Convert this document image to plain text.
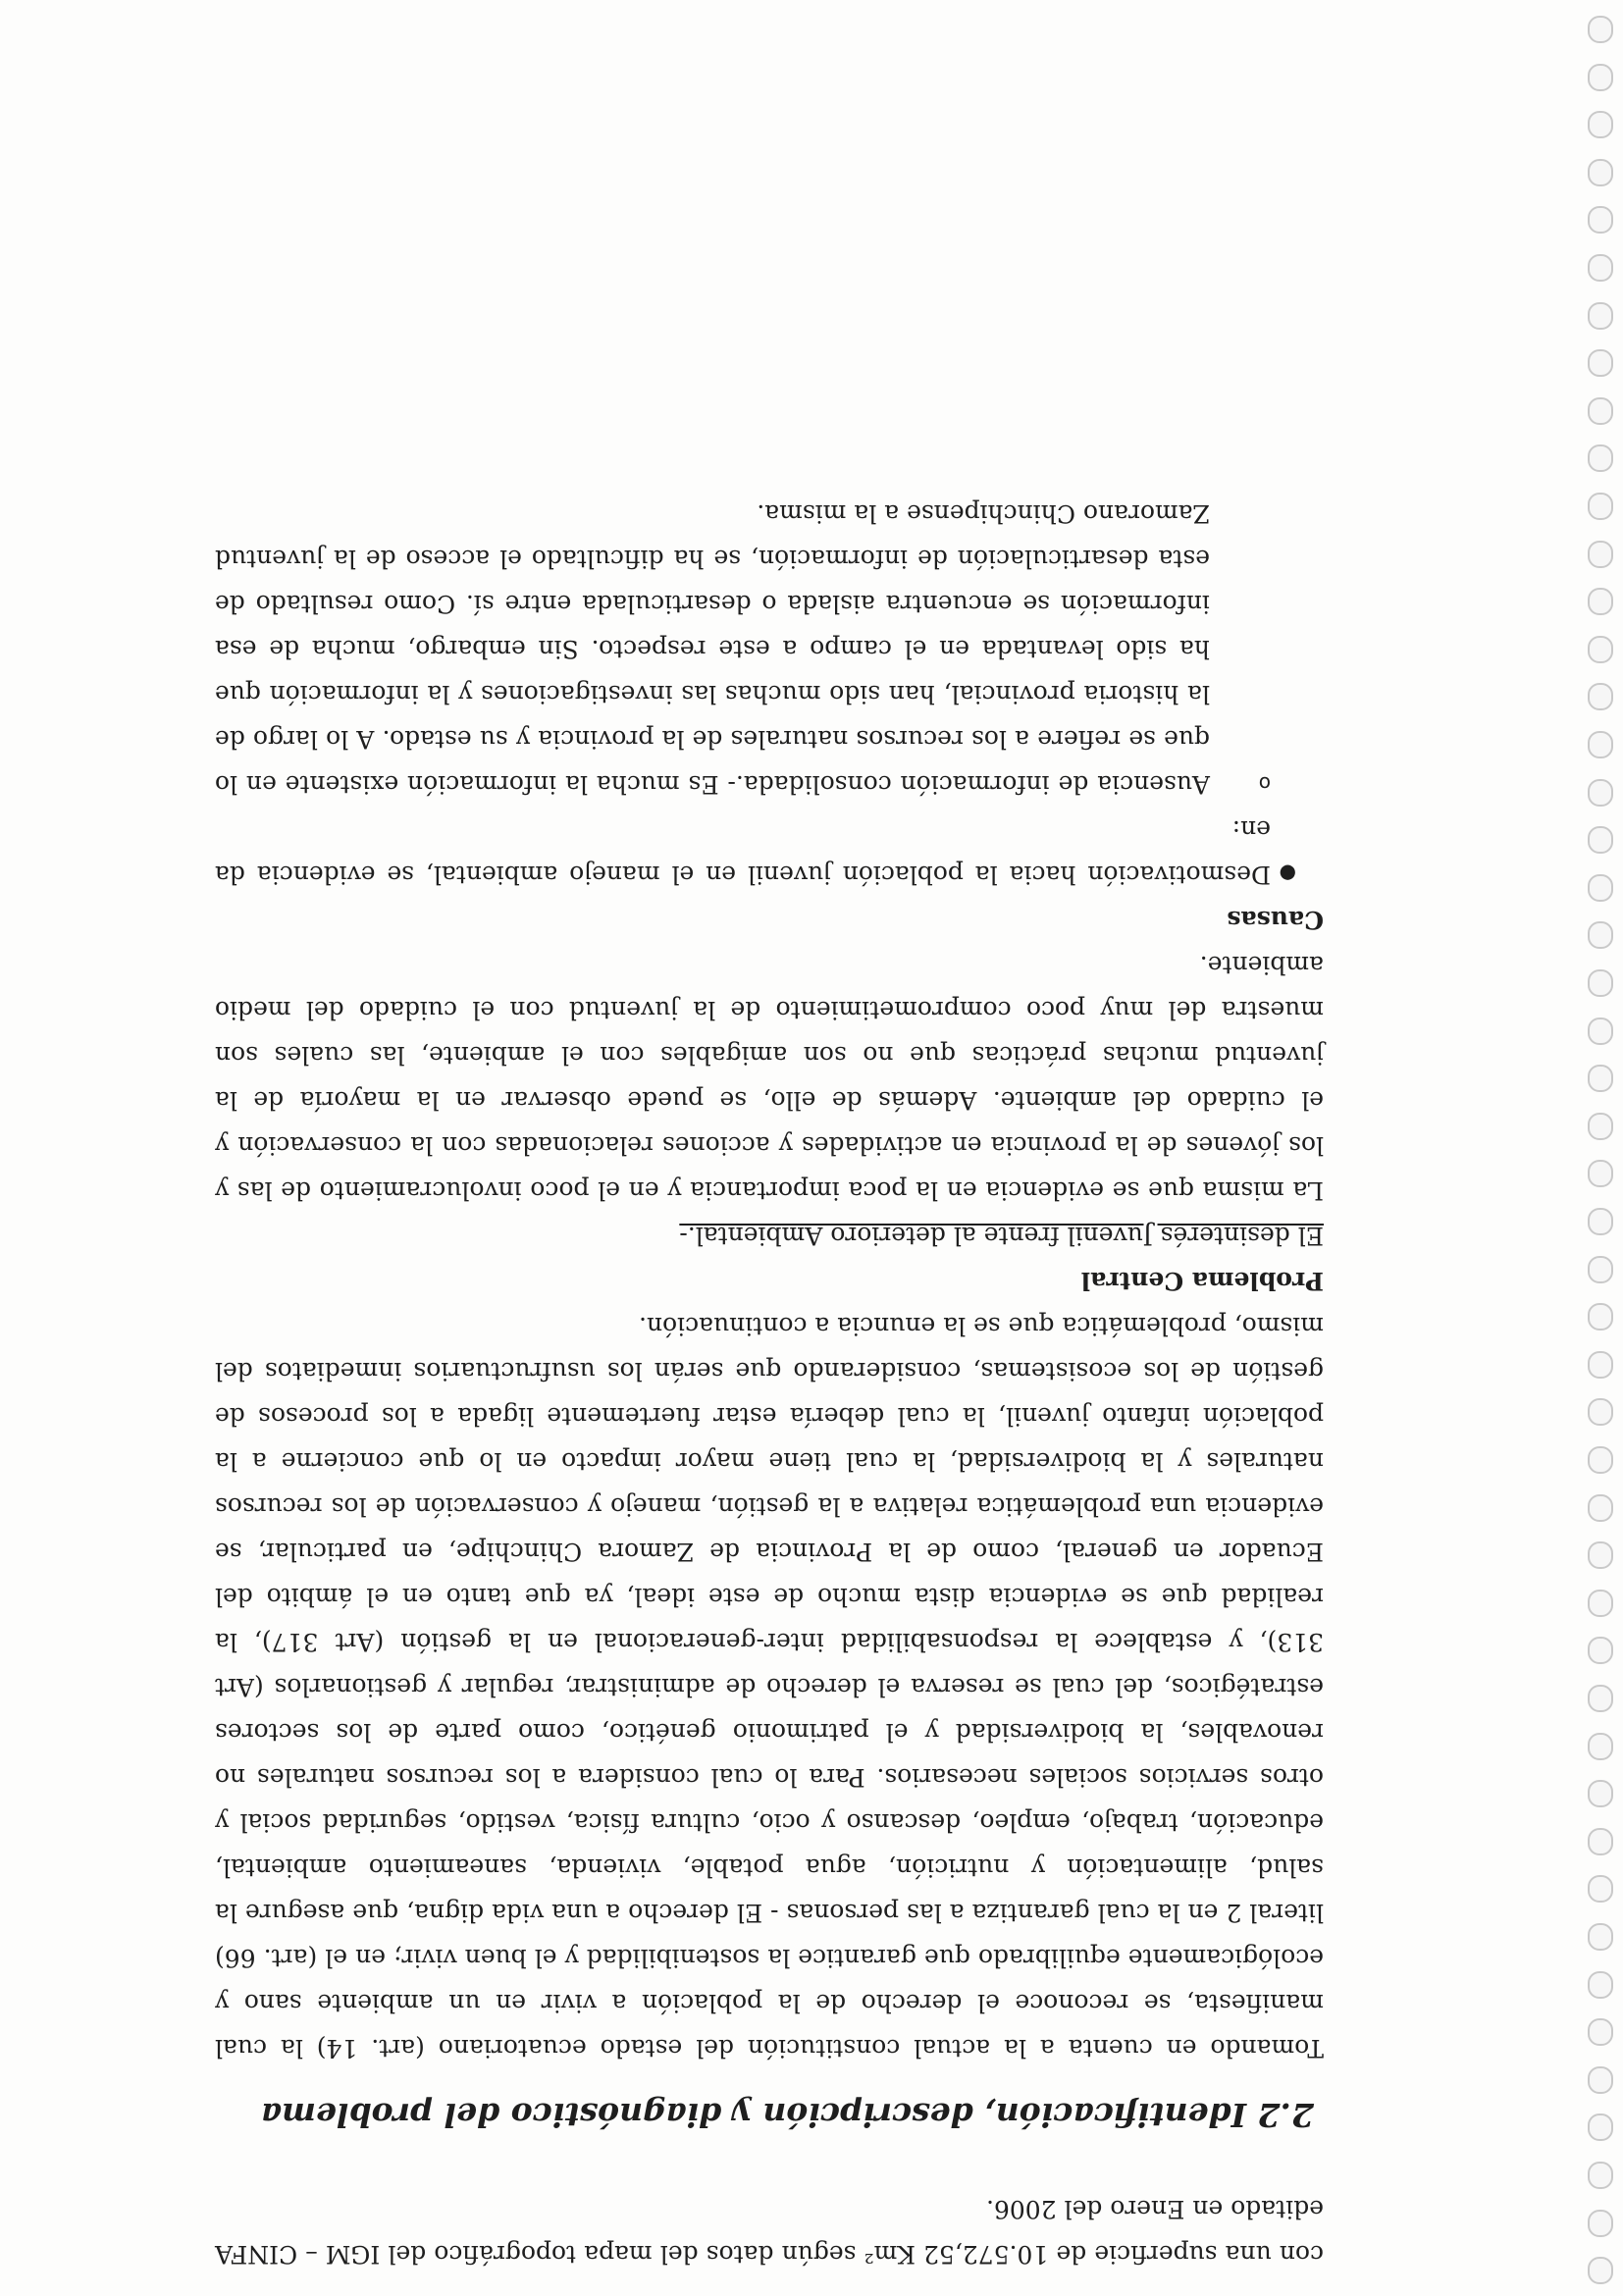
con una superficie de 10.572,52 Km² según datos del mapa topográfico del IGM – CINFA editado en Enero del 2006.

2.2 Identificación, descripción y diagnóstico del problema

Tomando en cuenta a la actual constitución del estado ecuatoriano (art. 14) la cual manifiesta, se reconoce el derecho de la población a vivir en un ambiente sano y ecológicamente equilibrado que garantice la sostenibilidad y el buen vivir; en el (art. 66) literal 2 en la cual garantiza a las personas - El derecho a una vida digna, que asegure la salud, alimentación y nutrición, agua potable, vivienda, saneamiento ambiental, educación, trabajo, empleo, descanso y ocio, cultura física, vestido, seguridad social y otros servicios sociales necesarios. Para lo cual considera a los recursos naturales no renovables, la biodiversidad y el patrimonio genético, como parte de los sectores estratégicos, del cual se reserva el derecho de administrar, regular y gestionarlos (Art 313), y establece la responsabilidad inter-generacional en la gestión (Art 317), la realidad que se evidencia dista mucho de este ideal, ya que tanto en el ámbito del Ecuador en general, como de la Provincia de Zamora Chinchipe, en particular, se evidencia una problemática relativa a la gestión, manejo y conservación de los recursos naturales y la biodiversidad, la cual tiene mayor impacto en lo que concierne a la población infanto juvenil, la cual debería estar fuertemente ligada a los procesos de gestión de los ecosistemas, considerando que serán los usufructuarios inmediatos del mismo, problemática que se la enuncia a continuación.

Problema Central

El desinterés Juvenil frente al deterioro Ambiental.-

La misma que se evidencia en la poca importancia y en el poco involucramiento de las y los jóvenes de la provincia en actividades y acciones relacionadas con la conservación y el cuidado del ambiente. Además de ello, se puede observar en la mayoría de la juventud muchas prácticas que no son amigables con el ambiente, las cuales son muestra del muy poco comprometimiento de la juventud con el cuidado del medio ambiente.

Causas
● Desmotivación hacia la población juvenil en el manejo ambiental, se evidencia da en:
o Ausencia de información consolidada.- Es mucha la información existente en lo que se refiere a los recursos naturales de la provincia y su estado. A lo largo de la historia provincial, han sido muchas las investigaciones y la información que ha sido levantada en el campo a este respecto. Sin embargo, mucha de esa información se encuentra aislada o desarticulada entre sí. Como resultado de esta desarticulación de información, se ha dificultado el acceso de la juventud Zamorano Chinchipense a la misma.
